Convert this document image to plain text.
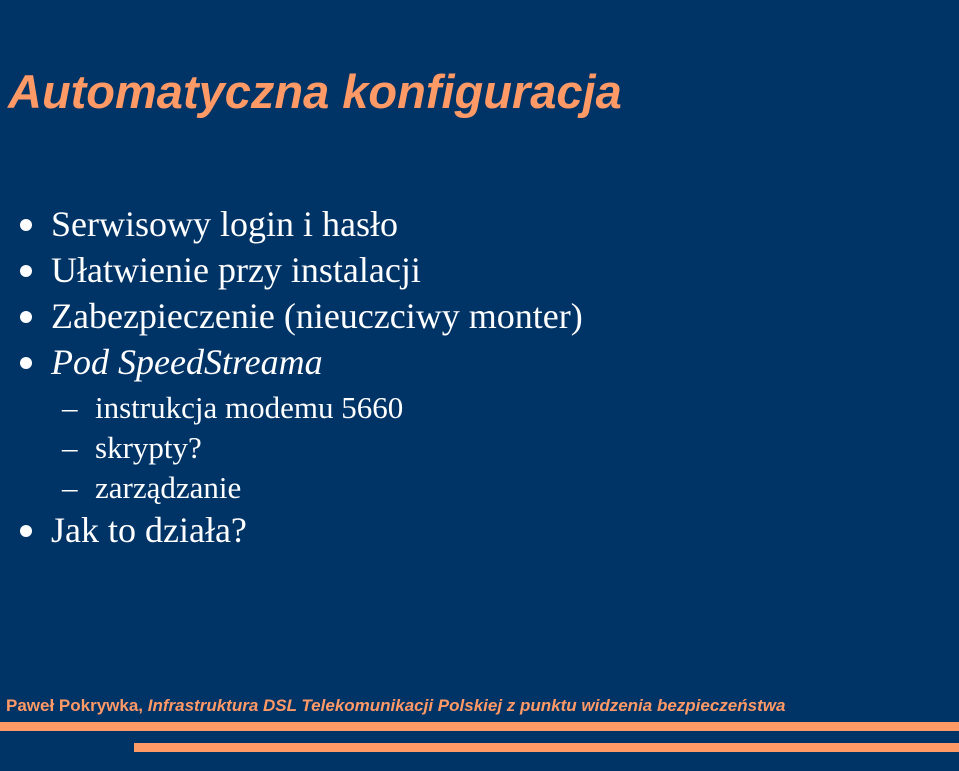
Automatyczna konfiguracja
Serwisowy login i hasło
Ułatwienie przy instalacji
Zabezpieczenie (nieuczciwy monter)
Pod SpeedStreama
– instrukcja modemu 5660
– skrypty?
– zarządzanie
Jak to działa?
Paweł Pokrywka, Infrastruktura DSL Telekomunikacji Polskiej z punktu widzenia bezpieczeństwa
